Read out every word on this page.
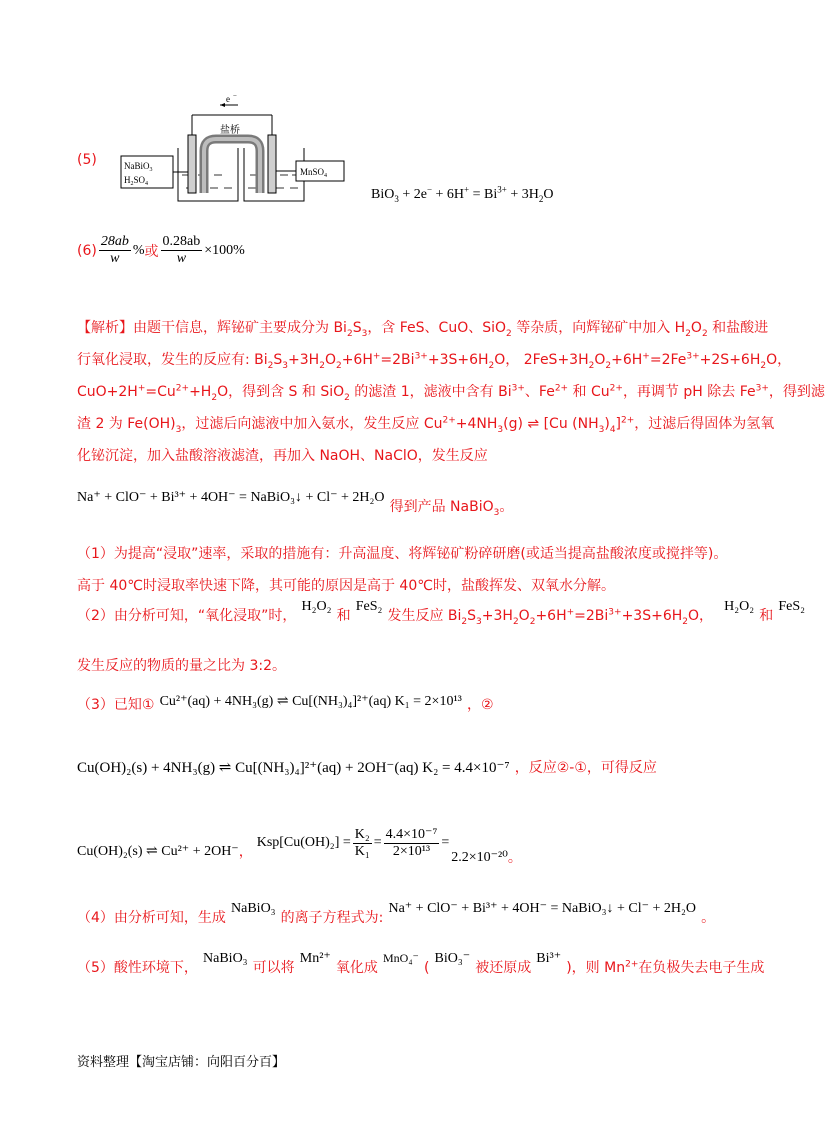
(5)
e −
盐桥
NaBiO$_3$
$H_2SO_4$
MnSO$_4$
$BiO_3 + 2e^- + 6H^+ = Bi^{3+} + 3H_2O$
$(6) \frac{28ab}{w}$ % 或 $\frac{0.28ab}{w} \times 100\%$
【解析】由题干信息，辉铋矿主要成分为 $Bi_2S_3$，含 FeS、CuO、SiO$_2$ 等杂质，向辉铋矿中加入 $H_2O_2$ 和盐酸进
行氧化浸取，发生的反应有: $Bi_2S_3+3H_2O_2+6H^+=2Bi^{3+}+3S+6H_2O$， $2FeS+3H_2O_2+6H^+=2Fe^{3+}+2S+6H_2O$，
$CuO+2H^+=Cu^{2+}+H_2O$，得到含 S 和 SiO$_2$ 的滤渣 1，滤液中含有 $Bi^{3+}$、$Fe^{2+}$ 和 $Cu^{2+}$，再调节 pH 除去 $Fe^{3+}$，得到滤
渣 2 为 $Fe(OH)_3$，过滤后向滤液中加入氨水，发生反应 $Cu^{2+}+4NH_3(g)$ ⇌ [Cu $(NH_3)_4]^{2+}$，过滤后得固体为氢氧
化铋沉淀，加入盐酸溶液滤渣，再加入 NaOH、NaClO，发生反应
Na⁺ + ClO⁻ + Bi³⁺ + 4OH⁻ = NaBiO₃↓ + Cl⁻ + 2H₂O 得到产品 NaBiO$_3$。
（1）为提高“浸取”速率，采取的措施有：升高温度、将辉铋矿粉碎研磨(或适当提高盐酸浓度或搅拌等)。
高于 40℃时浸取率快速下降，其可能的原因是高于 40℃时，盐酸挥发、双氧水分解。
（2）由分析可知，“氧化浸取”时， H₂O₂ 和 FeS₂ 发生反应 $Bi_2S_3+3H_2O_2+6H^+=2Bi^{3+}+3S+6H_2O$， H₂O₂ 和 FeS₂
发生反应的物质的量之比为 3:2。
（3）已知① Cu²⁺(aq) + 4NH₃(g) ⇌ Cu[(NH₃)₄]²⁺(aq) K₁ = 2×10¹³ ，②
Cu(OH)₂(s) + 4NH₃(g) ⇌ Cu[(NH₃)₄]²⁺(aq) + 2OH⁻(aq) K₂ = 4.4×10⁻⁷ ，反应②-①，可得反应
Cu(OH)₂(s) ⇌ Cu²⁺ + 2OH⁻ ，
$Ksp[Cu(OH)_2] = \frac{\text{K₂}}{\text{K₁}} = \frac{\text{4.4×10⁻⁷}}{\text{2×10¹³}}$ =
2.2×10⁻²⁰ 。
（4）由分析可知，生成 NaBiO₃ 的离子方程式为: Na⁺ + ClO⁻ + Bi³⁺ + 4OH⁻ = NaBiO₃↓ + Cl⁻ + 2H₂O 。
（5）酸性环境下， NaBiO₃ 可以将 Mn²⁺ 氧化成 MnO₄⁻ ( BiO₃⁻ 被还原成 Bi³⁺ )，则 $Mn^{2+}$在负极失去电子生成
资料整理【淘宝店铺：向阳百分百】
